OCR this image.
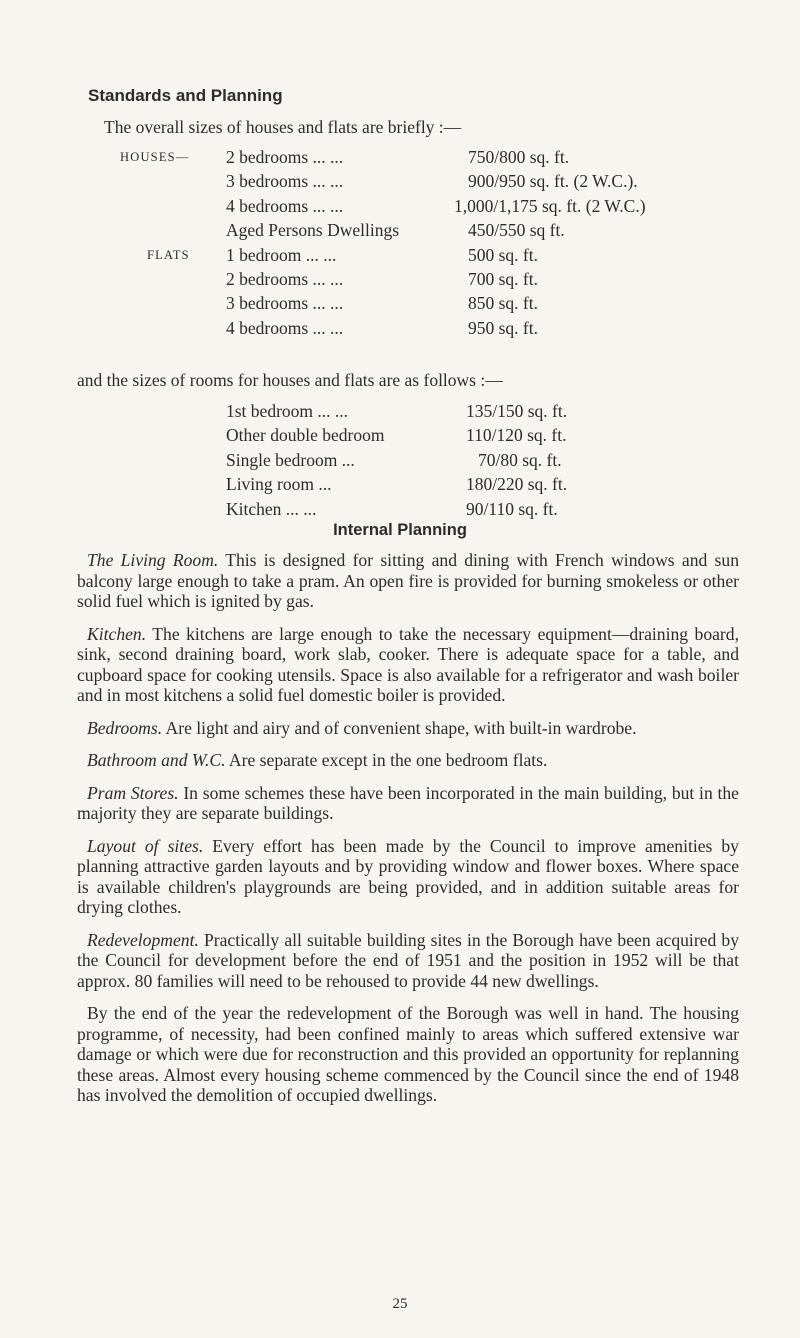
Standards and Planning
The overall sizes of houses and flats are briefly :—
HOUSES— 2 bedrooms ... ...	750/800 sq. ft.
3 bedrooms ... ...	900/950 sq. ft. (2 W.C.).
4 bedrooms ... ...	1,000/1,175 sq. ft. (2 W.C.)
Aged Persons Dwellings	450/550 sq ft.
FLATS 1 bedroom ... ...	500 sq. ft.
2 bedrooms ... ...	700 sq. ft.
3 bedrooms ... ...	850 sq. ft.
4 bedrooms ... ...	950 sq. ft.
and the sizes of rooms for houses and flats are as follows :—
1st bedroom ... ...	135/150 sq. ft.
Other double bedroom	110/120 sq. ft.
Single bedroom ...	70/80 sq. ft.
Living room ...	180/220 sq. ft.
Kitchen ... ...	90/110 sq. ft.
Internal Planning

The Living Room. This is designed for sitting and dining with French windows and sun balcony large enough to take a pram. An open fire is provided for burning smokeless or other solid fuel which is ignited by gas.

Kitchen. The kitchens are large enough to take the necessary equipment—draining board, sink, second draining board, work slab, cooker. There is adequate space for a table, and cupboard space for cooking utensils. Space is also available for a refrigerator and wash boiler and in most kitchens a solid fuel domestic boiler is provided.

Bedrooms. Are light and airy and of convenient shape, with built-in wardrobe.

Bathroom and W.C. Are separate except in the one bedroom flats.

Pram Stores. In some schemes these have been incorporated in the main building, but in the majority they are separate buildings.

Layout of sites. Every effort has been made by the Council to improve amenities by planning attractive garden layouts and by providing window and flower boxes. Where space is available children's playgrounds are being provided, and in addition suitable areas for drying clothes.

Redevelopment. Practically all suitable building sites in the Borough have been acquired by the Council for development before the end of 1951 and the position in 1952 will be that approx. 80 families will need to be rehoused to provide 44 new dwellings.

By the end of the year the redevelopment of the Borough was well in hand. The housing programme, of necessity, had been confined mainly to areas which suffered extensive war damage or which were due for reconstruction and this provided an opportunity for replanning these areas. Almost every housing scheme commenced by the Council since the end of 1948 has involved the demolition of occupied dwellings.

25
